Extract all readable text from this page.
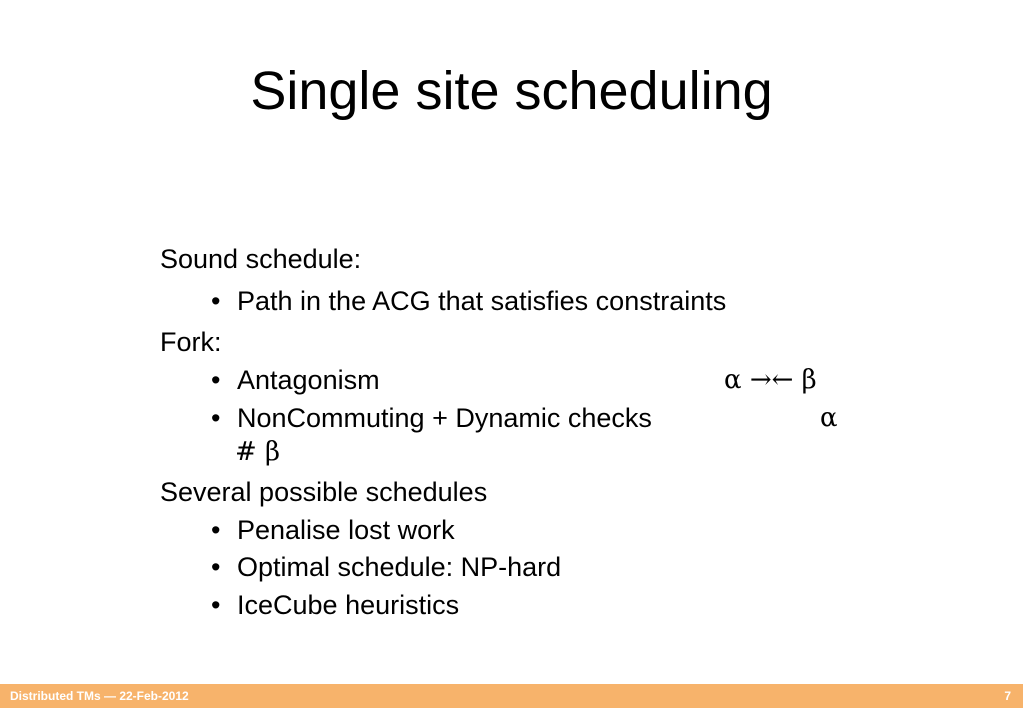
Single site scheduling
Sound schedule:
• Path in the ACG that satisfies constraints
Fork:
• Antagonism	α →← β
• NonCommuting + Dynamic checks	α
# β
Several possible schedules
• Penalise lost work
• Optimal schedule: NP-hard
• IceCube heuristics
Distributed TMs — 22-Feb-2012	7
